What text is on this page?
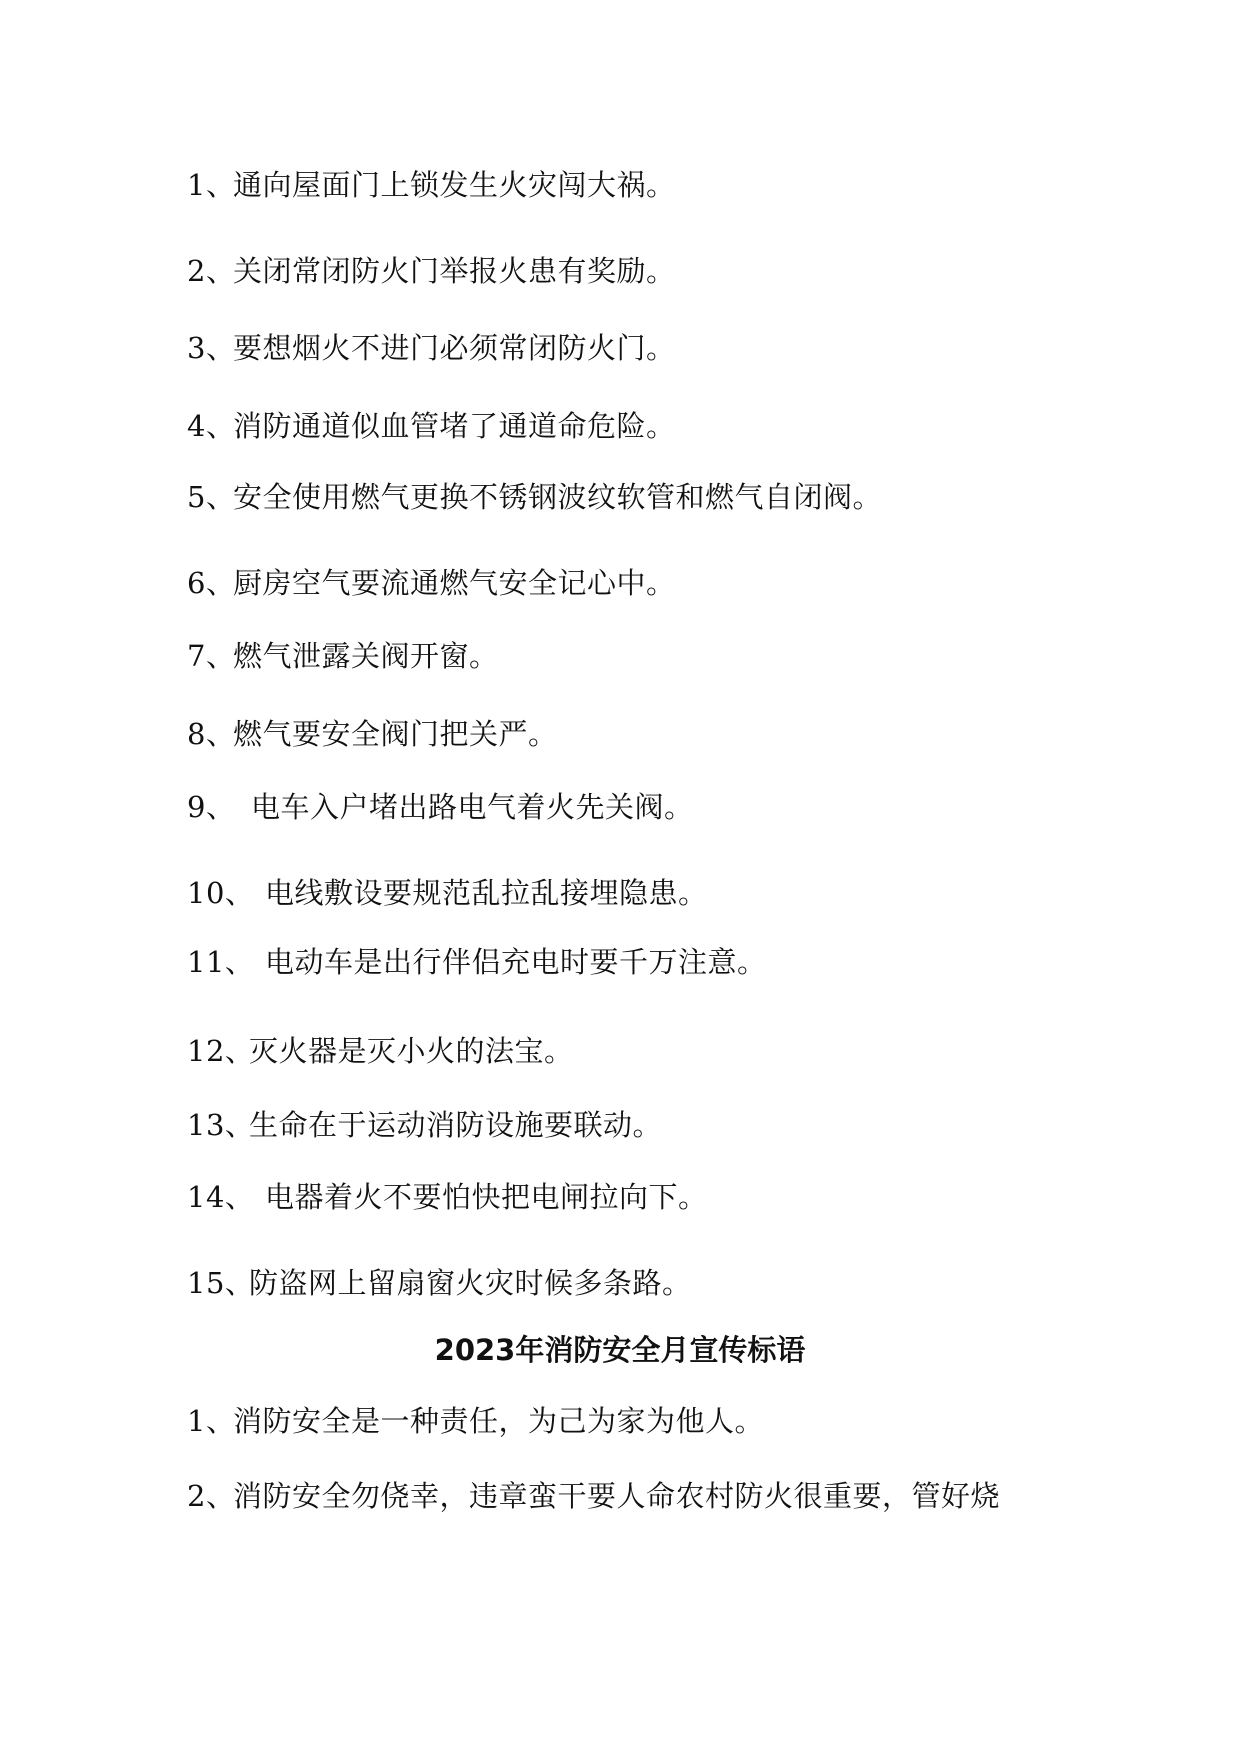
1、通向屋面门上锁发生火灾闯大祸。
2、关闭常闭防火门举报火患有奖励。
3、要想烟火不进门必须常闭防火门。
4、消防通道似血管堵了通道命危险。
5、安全使用燃气更换不锈钢波纹软管和燃气自闭阀。
6、厨房空气要流通燃气安全记心中。
7、燃气泄露关阀开窗。
8、燃气要安全阀门把关严。
9、 电车入户堵出路电气着火先关阀。
10、 电线敷设要规范乱拉乱接埋隐患。
11、 电动车是出行伴侣充电时要千万注意。
12、灭火器是灭小火的法宝。
13、生命在于运动消防设施要联动。
14、 电器着火不要怕快把电闸拉向下。
15、防盗网上留扇窗火灾时候多条路。
2023年消防安全月宣传标语
1、消防安全是一种责任，为己为家为他人。
2、消防安全勿侥幸，违章蛮干要人命农村防火很重要，管好烧
